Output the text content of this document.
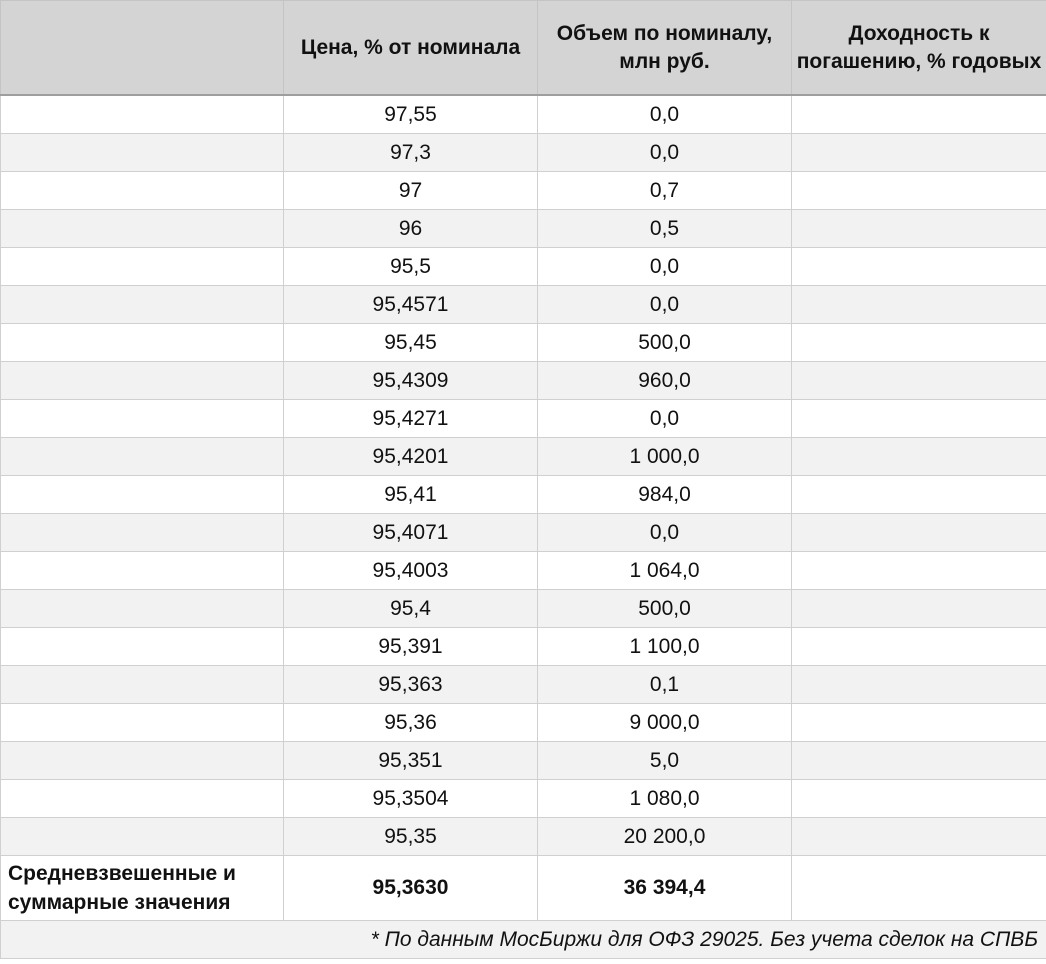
	Цена, % от номинала	Объем по номиналу, млн руб.	Доходность к погашению, % годовых
	97,55	0,0	
	97,3	0,0	
	97	0,7	
	96	0,5	
	95,5	0,0	
	95,4571	0,0	
	95,45	500,0	
	95,4309	960,0	
	95,4271	0,0	
	95,4201	1 000,0	
	95,41	984,0	
	95,4071	0,0	
	95,4003	1 064,0	
	95,4	500,0	
	95,391	1 100,0	
	95,363	0,1	
	95,36	9 000,0	
	95,351	5,0	
	95,3504	1 080,0	
	95,35	20 200,0	
Средневзвешенные и суммарные значения	95,3630	36 394,4	
* По данным МосБиржи для ОФЗ 29025. Без учета сделок на СПВБ			
